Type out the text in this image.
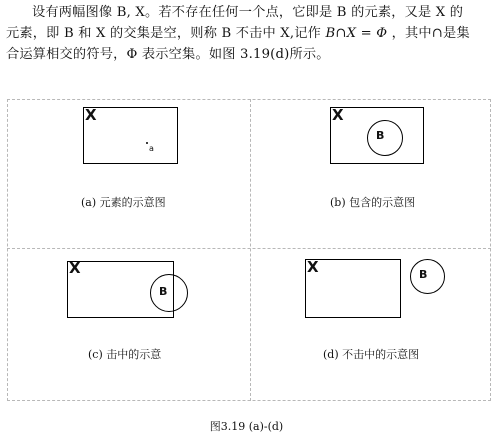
设有两幅图像 B, X。若不存在任何一个点，它即是 B 的元素，又是 X 的
元素，即 B 和 X 的交集是空，则称 B 不击中 X,记作 B∩X = Φ ，其中∩是集
合运算相交的符号，Φ 表示空集。如图 3.19(d)所示。
X
a
(a) 元素的示意图
X
B
(b) 包含的示意图
X
B
(c) 击中的示意
X	B
(d) 不击中的示意图
图3.19 (a)-(d)
